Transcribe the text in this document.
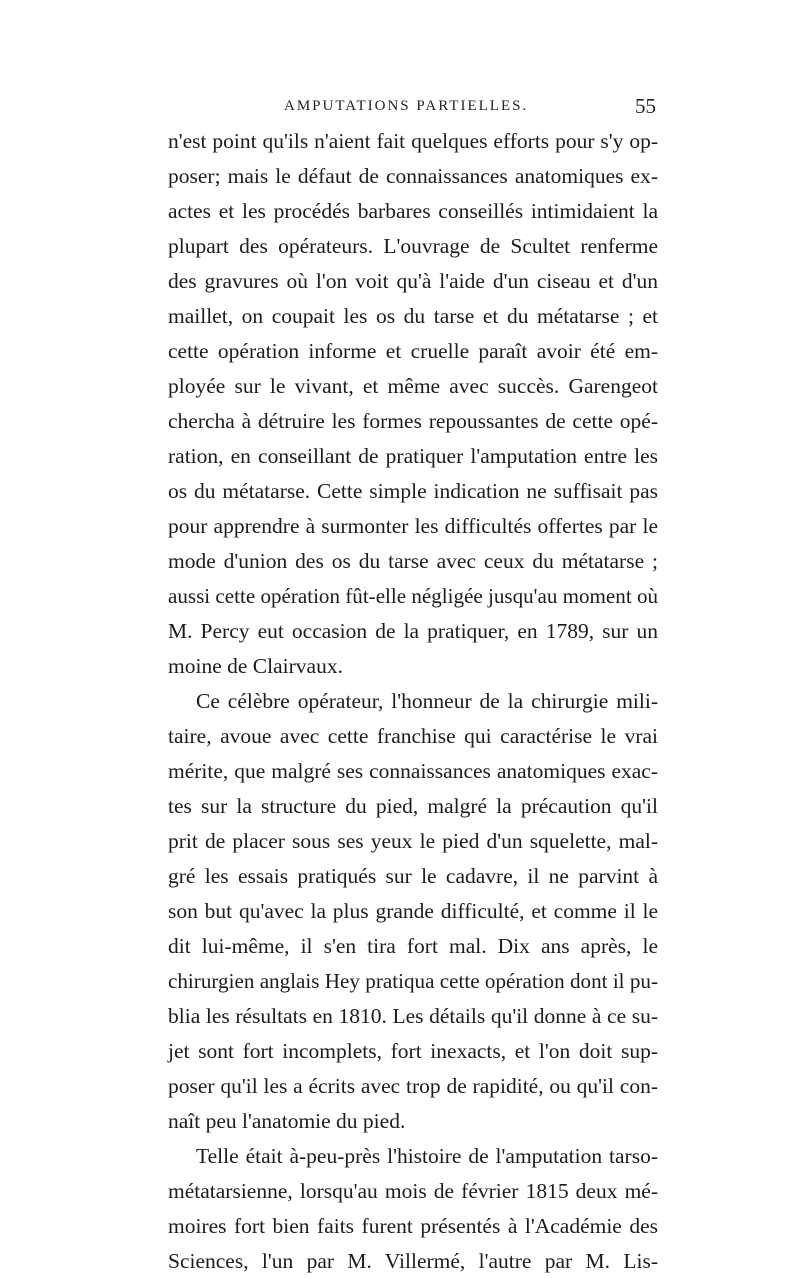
AMPUTATIONS PARTIELLES.	55
n'est point qu'ils n'aient fait quelques efforts pour s'y op-
poser; mais le défaut de connaissances anatomiques ex-
actes et les procédés barbares conseillés intimidaient la
plupart des opérateurs. L'ouvrage de Scultet renferme
des gravures où l'on voit qu'à l'aide d'un ciseau et d'un
maillet, on coupait les os du tarse et du métatarse ; et
cette opération informe et cruelle paraît avoir été em-
ployée sur le vivant, et même avec succès. Garengeot
chercha à détruire les formes repoussantes de cette opé-
ration, en conseillant de pratiquer l'amputation entre les
os du métatarse. Cette simple indication ne suffisait pas
pour apprendre à surmonter les difficultés offertes par le
mode d'union des os du tarse avec ceux du métatarse ;
aussi cette opération fût-elle négligée jusqu'au moment où
M. Percy eut occasion de la pratiquer, en 1789, sur un
moine de Clairvaux.
Ce célèbre opérateur, l'honneur de la chirurgie mili-
taire, avoue avec cette franchise qui caractérise le vrai
mérite, que malgré ses connaissances anatomiques exac-
tes sur la structure du pied, malgré la précaution qu'il
prit de placer sous ses yeux le pied d'un squelette, mal-
gré les essais pratiqués sur le cadavre, il ne parvint à
son but qu'avec la plus grande difficulté, et comme il le
dit lui-même, il s'en tira fort mal. Dix ans après, le
chirurgien anglais Hey pratiqua cette opération dont il pu-
blia les résultats en 1810. Les détails qu'il donne à ce su-
jet sont fort incomplets, fort inexacts, et l'on doit sup-
poser qu'il les a écrits avec trop de rapidité, ou qu'il con-
naît peu l'anatomie du pied.
Telle était à-peu-près l'histoire de l'amputation tarso-
métatarsienne, lorsqu'au mois de février 1815 deux mé-
moires fort bien faits furent présentés à l'Académie des
Sciences, l'un par M. Villermé, l'autre par M. Lis-
